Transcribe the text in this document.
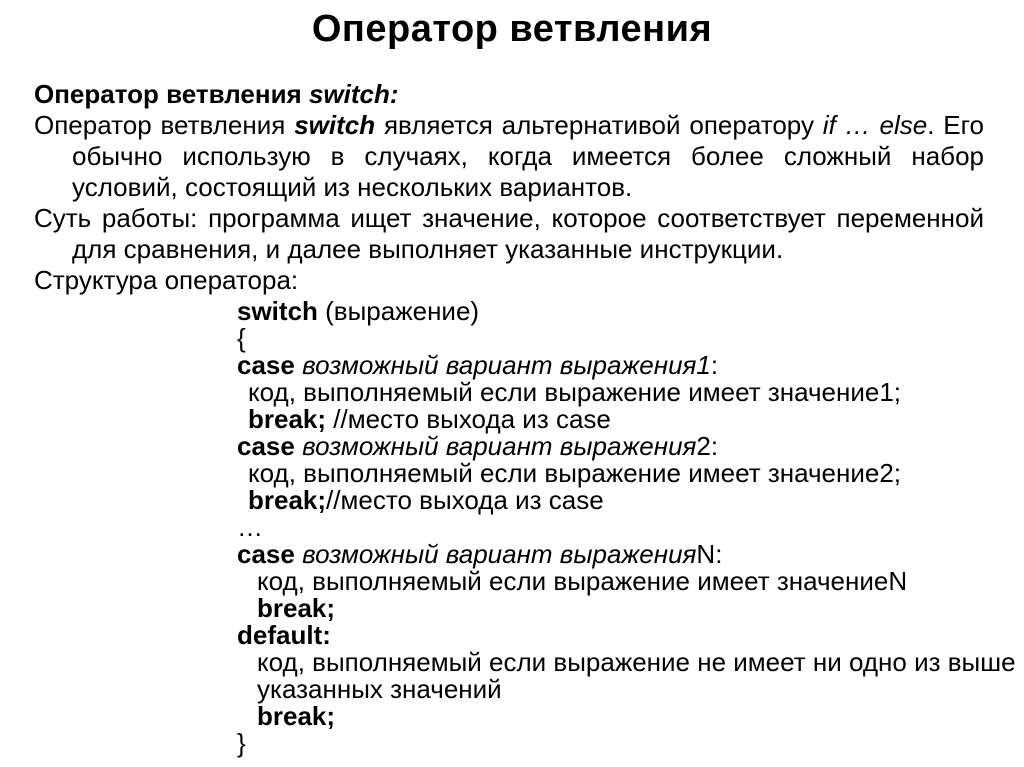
Оператор ветвления

Оператор ветвления switch:

Оператор ветвления switch является альтернативой оператору if … else. Его обычно использую в случаях, когда имеется более сложный набор условий, состоящий из нескольких вариантов.

Суть работы: программа ищет значение, которое соответствует переменной для сравнения, и далее выполняет указанные инструкции.

Структура оператора:

switch (выражение)
{
case возможный вариант выражения1:
код, выполняемый если выражение имеет значение1;
break; //место выхода из case
case возможный вариант выражения2:
код, выполняемый если выражение имеет значение2;
break;//место выхода из case
…
case возможный вариант выраженияN:
код, выполняемый если выражение имеет значениеN
break;
default:
код, выполняемый если выражение не имеет ни одно из выше
указанных значений
break;
}
